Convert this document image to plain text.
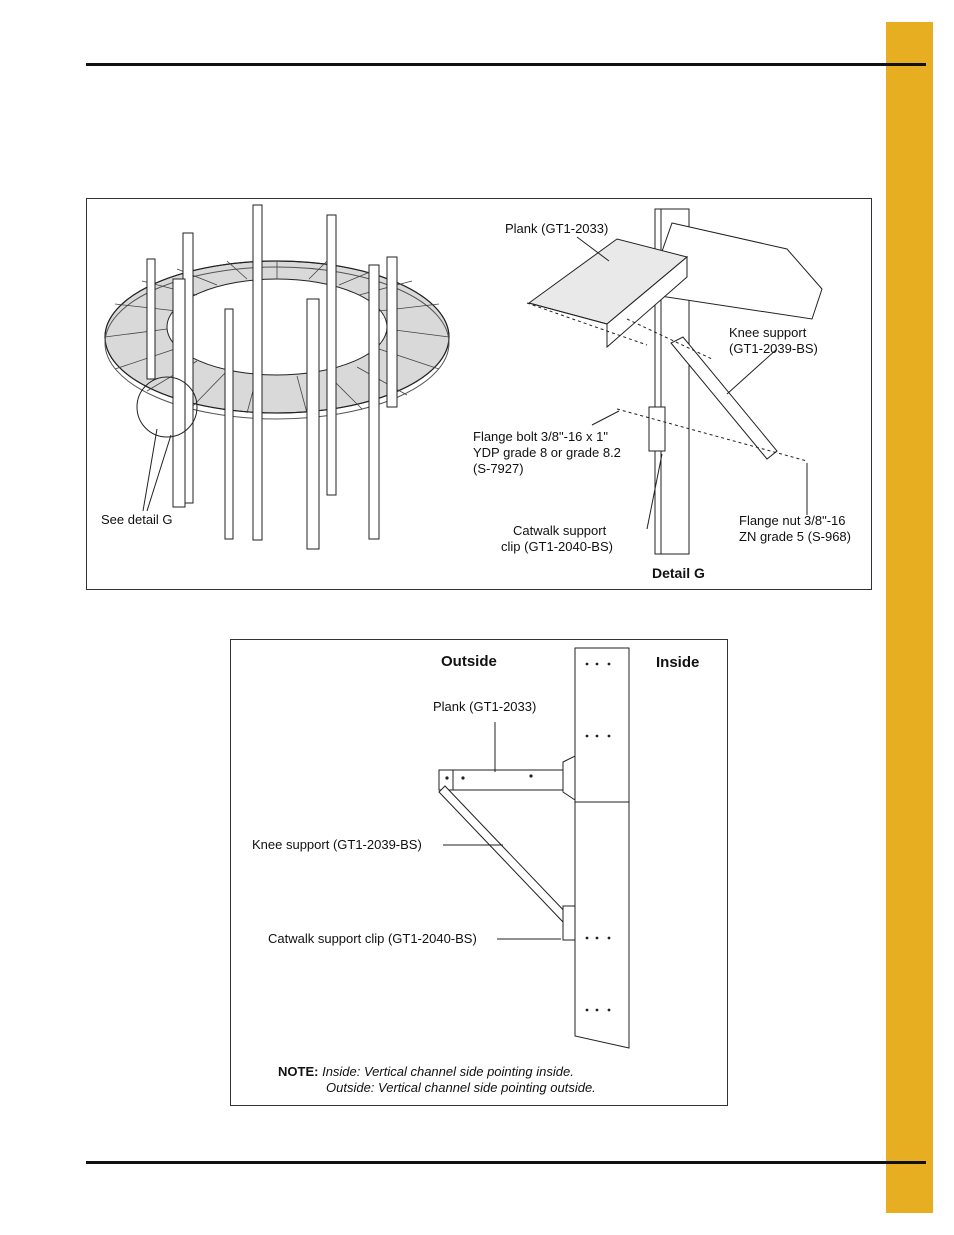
Plank (GT1-2033)
Knee support
(GT1-2039-BS)
Flange bolt 3/8"-16 x 1"
YDP grade 8 or grade 8.2
(S-7927)
See detail G
Catwalk support
clip (GT1-2040-BS)
Flange nut 3/8"-16
ZN grade 5 (S-968)
Detail G
Outside	Inside
Plank (GT1-2033)
Knee support (GT1-2039-BS)
Catwalk support clip (GT1-2040-BS)
NOTE: Inside: Vertical channel side pointing inside.
Outside: Vertical channel side pointing outside.
